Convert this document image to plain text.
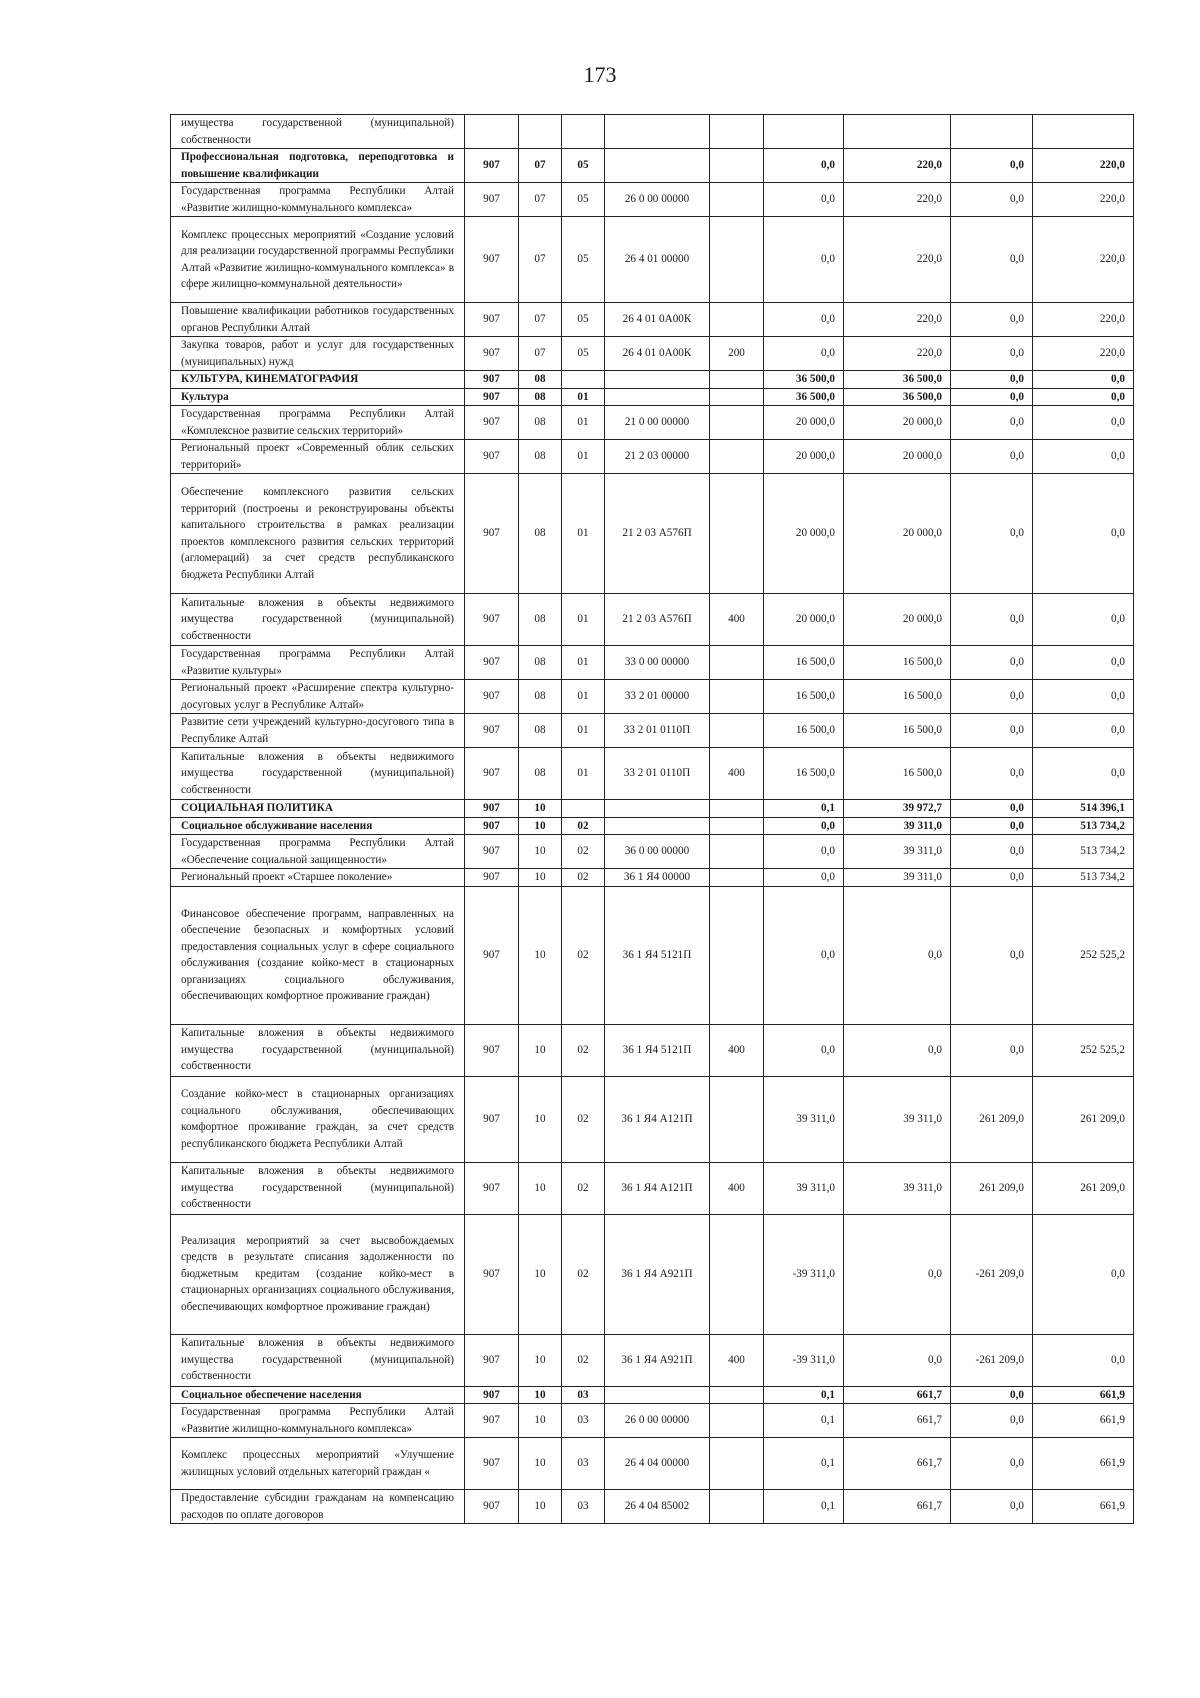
173
имущества государственной (муниципальной) собственности									
Профессиональная подготовка, переподготовка и повышение квалификации	907	07	05			0,0	220,0	0,0	220,0
Государственная программа Республики Алтай «Развитие жилищно-коммунального комплекса»	907	07	05	26 0 00 00000		0,0	220,0	0,0	220,0
Комплекс процессных мероприятий «Создание условий для реализации государственной программы Республики Алтай «Развитие жилищно-коммунального комплекса» в сфере жилищно-коммунальной деятельности»	907	07	05	26 4 01 00000		0,0	220,0	0,0	220,0
Повышение квалификации работников государственных органов Республики Алтай	907	07	05	26 4 01 0А00К		0,0	220,0	0,0	220,0
Закупка товаров, работ и услуг для государственных (муниципальных) нужд	907	07	05	26 4 01 0А00К	200	0,0	220,0	0,0	220,0
КУЛЬТУРА, КИНЕМАТОГРАФИЯ	907	08				36 500,0	36 500,0	0,0	0,0
Культура	907	08	01			36 500,0	36 500,0	0,0	0,0
Государственная программа Республики Алтай «Комплексное развитие сельских территорий»	907	08	01	21 0 00 00000		20 000,0	20 000,0	0,0	0,0
Региональный проект «Современный облик сельских территорий»	907	08	01	21 2 03 00000		20 000,0	20 000,0	0,0	0,0
Обеспечение комплексного развития сельских территорий (построены и реконструированы объекты капитального строительства в рамках реализации проектов комплексного развития сельских территорий (агломераций) за счет средств республиканского бюджета Республики Алтай	907	08	01	21 2 03 А576П		20 000,0	20 000,0	0,0	0,0
Капитальные вложения в объекты недвижимого имущества государственной (муниципальной) собственности	907	08	01	21 2 03 А576П	400	20 000,0	20 000,0	0,0	0,0
Государственная программа Республики Алтай «Развитие культуры»	907	08	01	33 0 00 00000		16 500,0	16 500,0	0,0	0,0
Региональный проект «Расширение спектра культурно-досуговых услуг в Республике Алтай»	907	08	01	33 2 01 00000		16 500,0	16 500,0	0,0	0,0
Развитие сети учреждений культурно-досугового типа в Республике Алтай	907	08	01	33 2 01 0110П		16 500,0	16 500,0	0,0	0,0
Капитальные вложения в объекты недвижимого имущества государственной (муниципальной) собственности	907	08	01	33 2 01 0110П	400	16 500,0	16 500,0	0,0	0,0
СОЦИАЛЬНАЯ ПОЛИТИКА	907	10				0,1	39 972,7	0,0	514 396,1
Социальное обслуживание населения	907	10	02			0,0	39 311,0	0,0	513 734,2
Государственная программа Республики Алтай «Обеспечение социальной защищенности»	907	10	02	36 0 00 00000		0,0	39 311,0	0,0	513 734,2
Региональный проект «Старшее поколение»	907	10	02	36 1 Я4 00000		0,0	39 311,0	0,0	513 734,2
Финансовое обеспечение программ, направленных на обеспечение безопасных и комфортных условий предоставления социальных услуг в сфере социального обслуживания (создание койко-мест в стационарных организациях социального обслуживания, обеспечивающих комфортное проживание граждан)	907	10	02	36 1 Я4 5121П		0,0	0,0	0,0	252 525,2
Капитальные вложения в объекты недвижимого имущества государственной (муниципальной) собственности	907	10	02	36 1 Я4 5121П	400	0,0	0,0	0,0	252 525,2
Создание койко-мест в стационарных организациях социального обслуживания, обеспечивающих комфортное проживание граждан, за счет средств республиканского бюджета Республики Алтай	907	10	02	36 1 Я4 А121П		39 311,0	39 311,0	261 209,0	261 209,0
Капитальные вложения в объекты недвижимого имущества государственной (муниципальной) собственности	907	10	02	36 1 Я4 А121П	400	39 311,0	39 311,0	261 209,0	261 209,0
Реализация мероприятий за счет высвобождаемых средств в результате списания задолженности по бюджетным кредитам (создание койко-мест в стационарных организациях социального обслуживания, обеспечивающих комфортное проживание граждан)	907	10	02	36 1 Я4 А921П		-39 311,0	0,0	-261 209,0	0,0
Капитальные вложения в объекты недвижимого имущества государственной (муниципальной) собственности	907	10	02	36 1 Я4 А921П	400	-39 311,0	0,0	-261 209,0	0,0
Социальное обеспечение населения	907	10	03			0,1	661,7	0,0	661,9
Государственная программа Республики Алтай «Развитие жилищно-коммунального комплекса»	907	10	03	26 0 00 00000		0,1	661,7	0,0	661,9
Комплекс процессных мероприятий «Улучшение жилищных условий отдельных категорий граждан «	907	10	03	26 4 04 00000		0,1	661,7	0,0	661,9
Предоставление субсидии гражданам на компенсацию расходов по оплате договоров	907	10	03	26 4 04 85002		0,1	661,7	0,0	661,9
